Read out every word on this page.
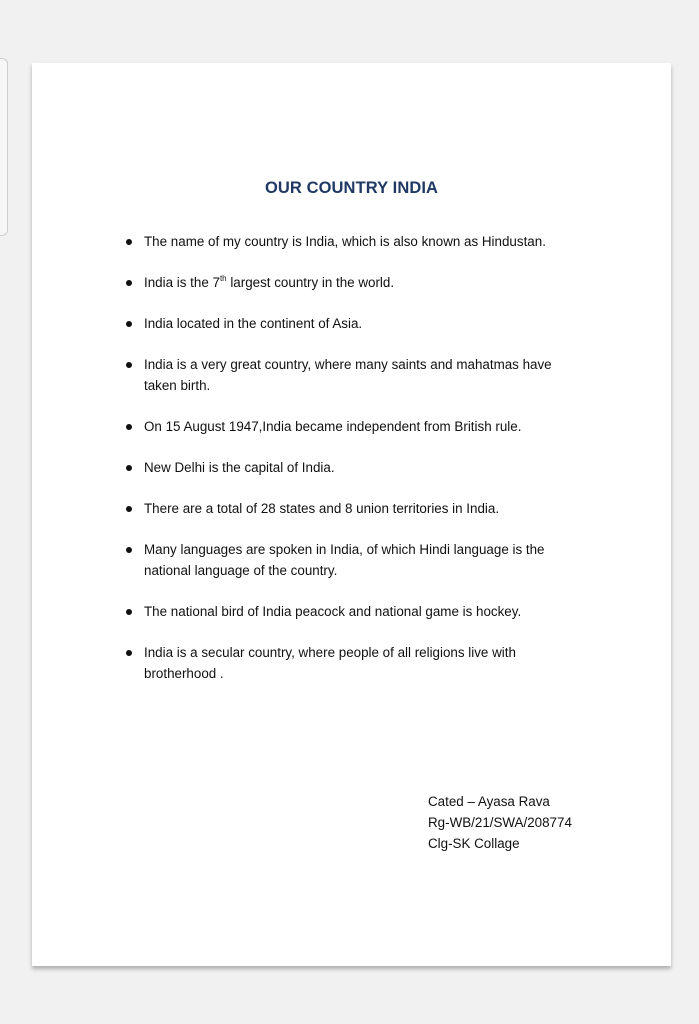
OUR COUNTRY INDIA
The name of my country is India, which is also known as Hindustan.
India is the 7th largest country in the world.
India located in the continent of Asia.
India is a very great country, where many saints and mahatmas have taken birth.
On 15 August 1947,India became independent from British rule.
New Delhi is the capital of India.
There are a total of 28 states and 8 union territories in India.
Many languages are spoken in India, of which Hindi language is the national language of the country.
The national bird of India peacock and national game is hockey.
India is a secular country, where people of all religions live with brotherhood .
Cated – Ayasa Rava
Rg-WB/21/SWA/208774
Clg-SK Collage
